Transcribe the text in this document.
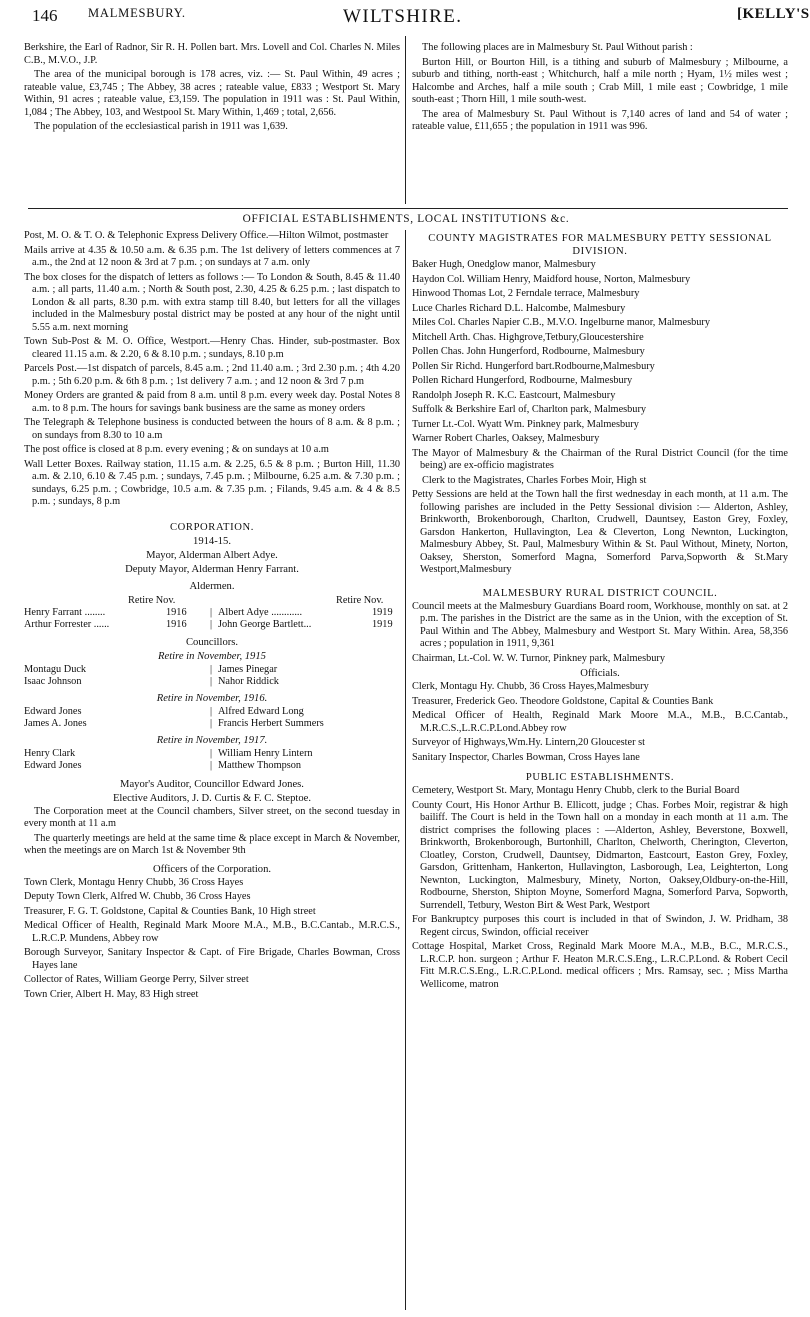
146 MALMESBURY.	WILTSHIRE.	[KELLY'S

Berkshire, the Earl of Radnor, Sir R. H. Pollen bart. Mrs. Lovell and Col. Charles N. Miles C.B., M.V.O., J.P.

The area of the municipal borough is 178 acres, viz. :— St. Paul Within, 49 acres ; rateable value, £3,745 ; The Abbey, 38 acres ; rateable value, £833 ; Westport St. Mary Within, 91 acres ; rateable value, £3,159. The population in 1911 was : St. Paul Within, 1,084 ; The Abbey, 103, and Westpool St. Mary Within, 1,469 ; total, 2,656.

The population of the ecclesiastical parish in 1911 was 1,639.

The following places are in Malmesbury St. Paul Without parish :

Burton Hill, or Bourton Hill, is a tithing and suburb of Malmesbury ; Milbourne, a suburb and tithing, north-east ; Whitchurch, half a mile north ; Hyam, 1½ miles west ; Halcombe and Arches, half a mile south ; Crab Mill, 1 mile east ; Cowbridge, 1 mile south-east ; Thorn Hill, 1 mile south-west.

The area of Malmesbury St. Paul Without is 7,140 acres of land and 54 of water ; rateable value, £11,655 ; the population in 1911 was 996.

OFFICIAL ESTABLISHMENTS, LOCAL INSTITUTIONS &c.

Post, M. O. & T. O. & Telephonic Express Delivery Office.—Hilton Wilmot, postmaster

Mails arrive at 4.35 & 10.50 a.m. & 6.35 p.m. The 1st delivery of letters commences at 7 a.m., the 2nd at 12 noon & 3rd at 7 p.m. ; on sundays at 7 a.m. only

The box closes for the dispatch of letters as follows :— To London & South, 8.45 & 11.40 a.m. ; all parts, 11.40 a.m. ; North & South post, 2.30, 4.25 & 6.25 p.m. ; last dispatch to London & all parts, 8.30 p.m. with extra stamp till 8.40, but letters for all the villages included in the Malmesbury postal district may be posted at any hour of the night until 5.55 a.m. next morning

Town Sub-Post & M. O. Office, Westport.—Henry Chas. Hinder, sub-postmaster. Box cleared 11.15 a.m. & 2.20, 6 & 8.10 p.m. ; sundays, 8.10 p.m

Parcels Post.—1st dispatch of parcels, 8.45 a.m. ; 2nd 11.40 a.m. ; 3rd 2.30 p.m. ; 4th 4.20 p.m. ; 5th 6.20 p.m. & 6th 8 p.m. ; 1st delivery 7 a.m. ; and 12 noon & 3rd 7 p.m

Money Orders are granted & paid from 8 a.m. until 8 p.m. every week day. Postal Notes 8 a.m. to 8 p.m. The hours for savings bank business are the same as money orders

The Telegraph & Telephone business is conducted between the hours of 8 a.m. & 8 p.m. ; on sundays from 8.30 to 10 a.m

The post office is closed at 8 p.m. every evening ; & on sundays at 10 a.m

Wall Letter Boxes. Railway station, 11.15 a.m. & 2.25, 6.5 & 8 p.m. ; Burton Hill, 11.30 a.m. & 2.10, 6.10 & 7.45 p.m. ; sundays, 7.45 p.m. ; Milbourne, 6.25 a.m. & 7.30 p.m. ; sundays, 6.25 p.m. ; Cowbridge, 10.5 a.m. & 7.35 p.m. ; Filands, 9.45 a.m. & 4 & 8.5 p.m. ; sundays, 8 p.m

CORPORATION.

1914-15.

Mayor, Alderman Albert Adye.

Deputy Mayor, Alderman Henry Farrant.

Aldermen.

Retire Nov.	Retire Nov.
Henry Farrant ........	1916 | Albert Adye ............	1919
Arthur Forrester ......	1916 | John George Bartlett...	1919

Councillors.

Retire in November, 1915

Montagu Duck	| James Pinegar
Isaac Johnson	| Nahor Riddick

Retire in November, 1916.

Edward Jones	| Alfred Edward Long
James A. Jones	| Francis Herbert Summers

Retire in November, 1917.

Henry Clark	| William Henry Lintern
Edward Jones	| Matthew Thompson

Mayor's Auditor, Councillor Edward Jones.

Elective Auditors, J. D. Curtis & F. C. Steptoe.

The Corporation meet at the Council chambers, Silver street, on the second tuesday in every month at 11 a.m

The quarterly meetings are held at the same time & place except in March & November, when the meetings are on March 1st & November 9th

Officers of the Corporation.

Town Clerk, Montagu Henry Chubb, 36 Cross Hayes

Deputy Town Clerk, Alfred W. Chubb, 36 Cross Hayes

Treasurer, F. G. T. Goldstone, Capital & Counties Bank, 10 High street

Medical Officer of Health, Reginald Mark Moore M.A., M.B., B.C.Cantab., M.R.C.S., L.R.C.P. Mundens, Abbey row

Borough Surveyor, Sanitary Inspector & Capt. of Fire Brigade, Charles Bowman, Cross Hayes lane

Collector of Rates, William George Perry, Silver street

Town Crier, Albert H. May, 83 High street

COUNTY MAGISTRATES FOR MALMESBURY PETTY SESSIONAL DIVISION.

Baker Hugh, Onedglow manor, Malmesbury

Haydon Col. William Henry, Maidford house, Norton, Malmesbury

Hinwood Thomas Lot, 2 Ferndale terrace, Malmesbury

Luce Charles Richard D.L. Halcombe, Malmesbury

Miles Col. Charles Napier C.B., M.V.O. Ingelburne manor, Malmesbury

Mitchell Arth. Chas. Highgrove,Tetbury,Gloucestershire

Pollen Chas. John Hungerford, Rodbourne, Malmesbury

Pollen Sir Richd. Hungerford bart.Rodbourne,Malmesbury

Pollen Richard Hungerford, Rodbourne, Malmesbury

Randolph Joseph R. K.C. Eastcourt, Malmesbury

Suffolk & Berkshire Earl of, Charlton park, Malmesbury

Turner Lt.-Col. Wyatt Wm. Pinkney park, Malmesbury

Warner Robert Charles, Oaksey, Malmesbury

The Mayor of Malmesbury & the Chairman of the Rural District Council (for the time being) are ex-officio magistrates

Clerk to the Magistrates, Charles Forbes Moir, High st

Petty Sessions are held at the Town hall the first wednesday in each month, at 11 a.m. The following parishes are included in the Petty Sessional division :— Alderton, Ashley, Brinkworth, Brokenborough, Charlton, Crudwell, Dauntsey, Easton Grey, Foxley, Garsdon Hankerton, Hullavington, Lea & Cleverton, Long Newnton, Luckington, Malmesbury Abbey, St. Paul, Malmesbury Within & St. Paul Without, Minety, Norton, Oaksey, Sherston, Somerford Magna, Somerford Parva,Sopworth & St.Mary Westport,Malmesbury

MALMESBURY RURAL DISTRICT COUNCIL.

Council meets at the Malmesbury Guardians Board room, Workhouse, monthly on sat. at 2 p.m. The parishes in the District are the same as in the Union, with the exception of St. Paul Within and The Abbey, Malmesbury and Westport St. Mary Within. Area, 58,356 acres ; population in 1911, 9,361

Chairman, Lt.-Col. W. W. Turnor, Pinkney park, Malmesbury

Officials.

Clerk, Montagu Hy. Chubb, 36 Cross Hayes,Malmesbury

Treasurer, Frederick Geo. Theodore Goldstone, Capital & Counties Bank

Medical Officer of Health, Reginald Mark Moore M.A., M.B., B.C.Cantab., M.R.C.S.,L.R.C.P.Lond.Abbey row

Surveyor of Highways,Wm.Hy. Lintern,20 Gloucester st

Sanitary Inspector, Charles Bowman, Cross Hayes lane

PUBLIC ESTABLISHMENTS.

Cemetery, Westport St. Mary, Montagu Henry Chubb, clerk to the Burial Board

County Court, His Honor Arthur B. Ellicott, judge ; Chas. Forbes Moir, registrar & high bailiff. The Court is held in the Town hall on a monday in each month at 11 a.m. The district comprises the following places : —Alderton, Ashley, Beverstone, Boxwell, Brinkworth, Brokenborough, Burtonhill, Charlton, Chelworth, Cherington, Cleverton, Cloatley, Corston, Crudwell, Dauntsey, Didmarton, Eastcourt, Easton Grey, Foxley, Garsdon, Grittenham, Hankerton, Hullavington, Lasborough, Lea, Leighterton, Long Newnton, Luckington, Malmesbury, Minety, Norton, Oaksey,Oldbury-on-the-Hill, Rodbourne, Sherston, Shipton Moyne, Somerford Magna, Somerford Parva, Sopworth, Surrendell, Tetbury, Weston Birt & West Park, Westport

For Bankruptcy purposes this court is included in that of Swindon, J. W. Pridham, 38 Regent circus, Swindon, official receiver

Cottage Hospital, Market Cross, Reginald Mark Moore M.A., M.B., B.C., M.R.C.S., L.R.C.P. hon. surgeon ; Arthur F. Heaton M.R.C.S.Eng., L.R.C.P.Lond. & Robert Cecil Fitt M.R.C.S.Eng., L.R.C.P.Lond. medical officers ; Mrs. Ramsay, sec. ; Miss Martha Wellicome, matron
